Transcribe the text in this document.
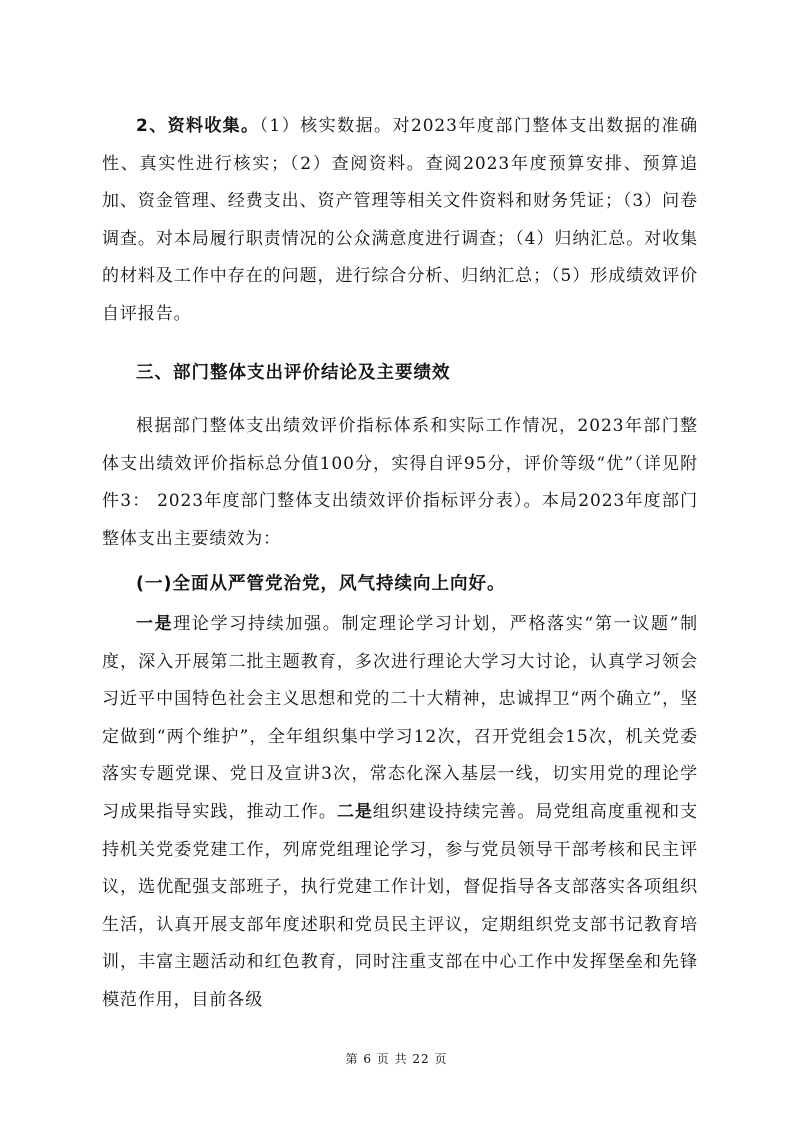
2、资料收集。（1）核实数据。对2023年度部门整体支出数据的准确性、真实性进行核实；（2）查阅资料。查阅2023年度预算安排、预算追加、资金管理、经费支出、资产管理等相关文件资料和财务凭证；（3）问卷调查。对本局履行职责情况的公众满意度进行调查；（4）归纳汇总。对收集的材料及工作中存在的问题，进行综合分析、归纳汇总；（5）形成绩效评价自评报告。

三、部门整体支出评价结论及主要绩效

根据部门整体支出绩效评价指标体系和实际工作情况，2023年部门整体支出绩效评价指标总分值100分，实得自评95分，评价等级“优”（详见附件3： 2023年度部门整体支出绩效评价指标评分表）。本局2023年度部门整体支出主要绩效为：

(一)全面从严管党治党，风气持续向上向好。

一是理论学习持续加强。制定理论学习计划，严格落实“第一议题”制度，深入开展第二批主题教育，多次进行理论大学习大讨论，认真学习领会习近平中国特色社会主义思想和党的二十大精神，忠诚捍卫“两个确立”，坚定做到“两个维护”，全年组织集中学习12次，召开党组会15次，机关党委落实专题党课、党日及宣讲3次，常态化深入基层一线，切实用党的理论学习成果指导实践，推动工作。二是组织建设持续完善。局党组高度重视和支持机关党委党建工作，列席党组理论学习，参与党员领导干部考核和民主评议，选优配强支部班子，执行党建工作计划，督促指导各支部落实各项组织生活，认真开展支部年度述职和党员民主评议，定期组织党支部书记教育培训，丰富主题活动和红色教育，同时注重支部在中心工作中发挥堡垒和先锋模范作用，目前各级

第 6 页 共 22 页
